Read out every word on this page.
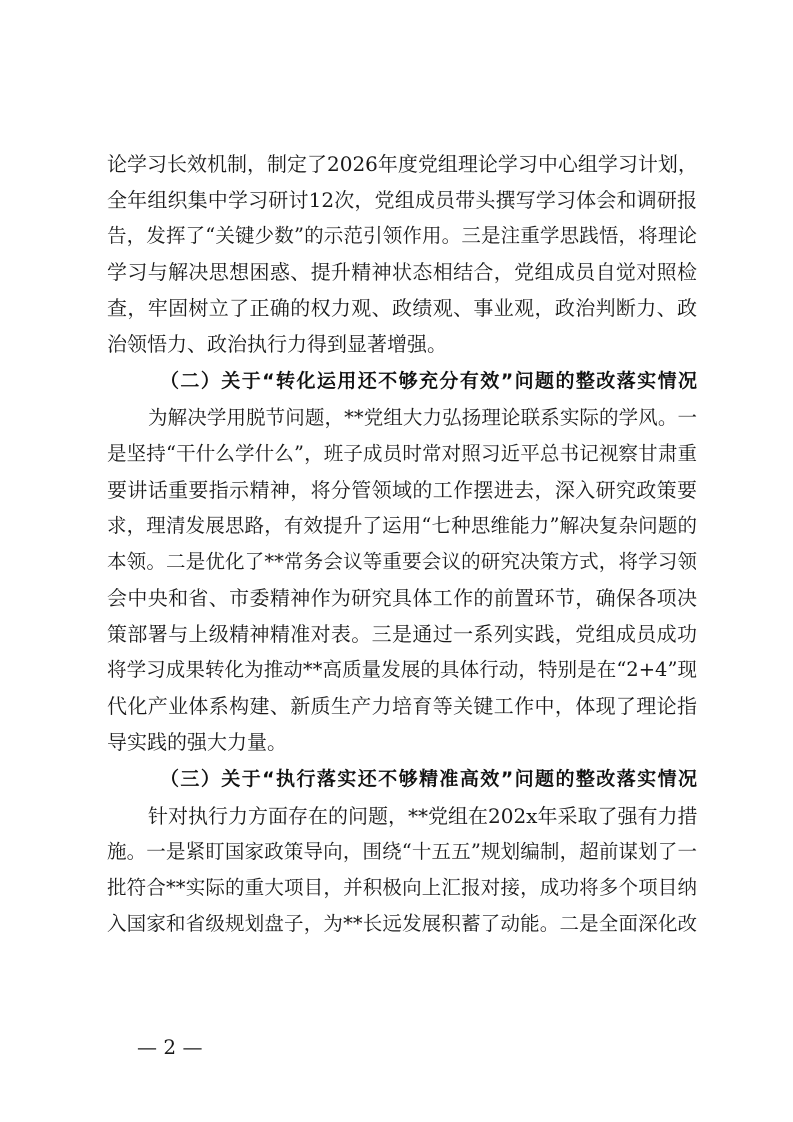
论学习长效机制，制定了2026年度党组理论学习中心组学习计划，
全年组织集中学习研讨12次，党组成员带头撰写学习体会和调研报
告，发挥了“关键少数”的示范引领作用。三是注重学思践悟，将理论
学习与解决思想困惑、提升精神状态相结合，党组成员自觉对照检
查，牢固树立了正确的权力观、政绩观、事业观，政治判断力、政
治领悟力、政治执行力得到显著增强。
（二）关于“转化运用还不够充分有效”问题的整改落实情况
为解决学用脱节问题，**党组大力弘扬理论联系实际的学风。一
是坚持“干什么学什么”，班子成员时常对照习近平总书记视察甘肃重
要讲话重要指示精神，将分管领域的工作摆进去，深入研究政策要
求，理清发展思路，有效提升了运用“七种思维能力”解决复杂问题的
本领。二是优化了**常务会议等重要会议的研究决策方式，将学习领
会中央和省、市委精神作为研究具体工作的前置环节，确保各项决
策部署与上级精神精准对表。三是通过一系列实践，党组成员成功
将学习成果转化为推动**高质量发展的具体行动，特别是在“2+4”现
代化产业体系构建、新质生产力培育等关键工作中，体现了理论指
导实践的强大力量。
（三）关于“执行落实还不够精准高效”问题的整改落实情况
针对执行力方面存在的问题，**党组在202x年采取了强有力措
施。一是紧盯国家政策导向，围绕“十五五”规划编制，超前谋划了一
批符合**实际的重大项目，并积极向上汇报对接，成功将多个项目纳
入国家和省级规划盘子，为**长远发展积蓄了动能。二是全面深化改
— 2 —
